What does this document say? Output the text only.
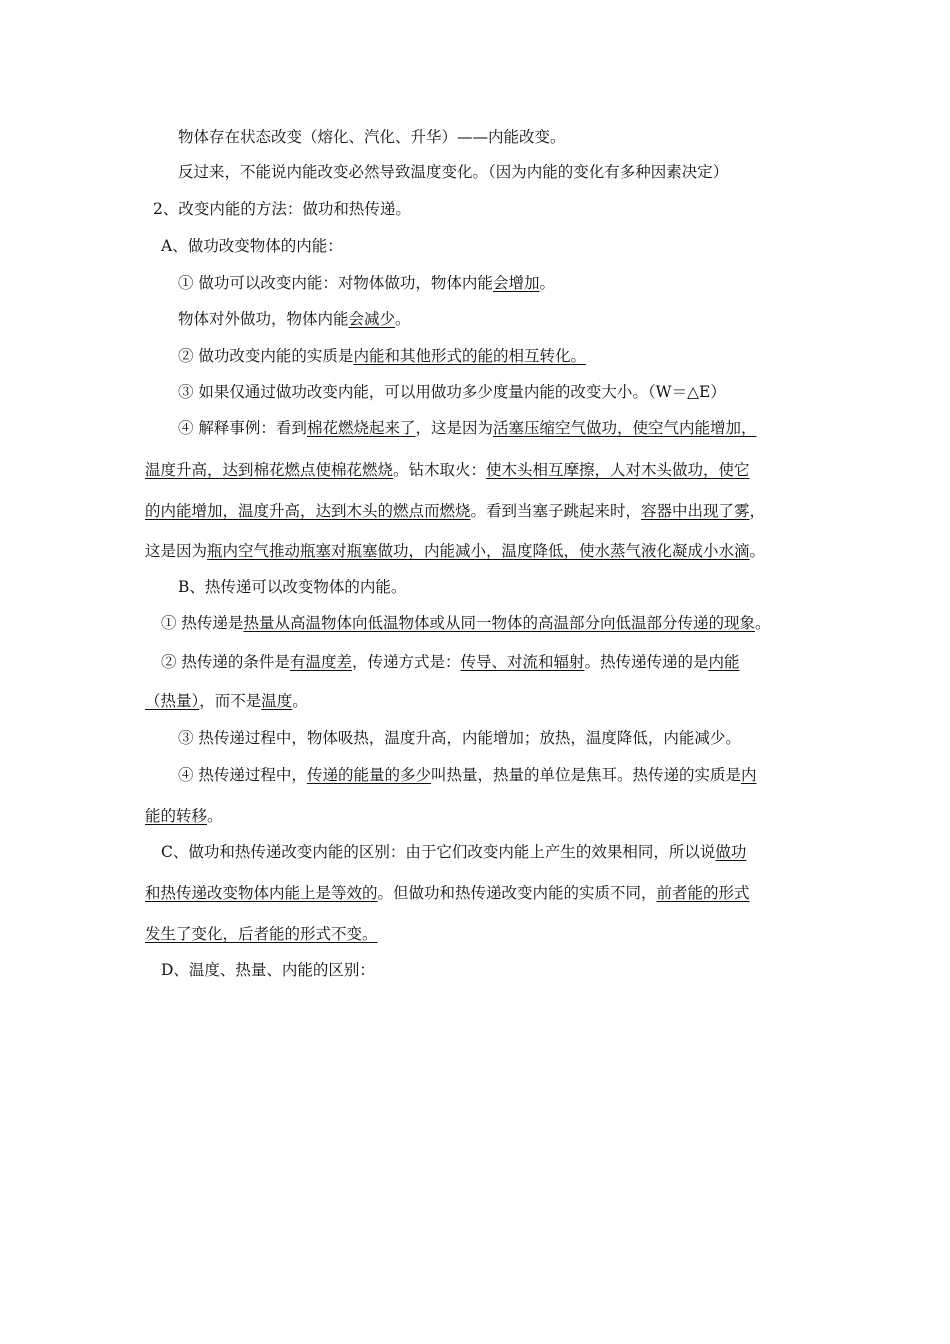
物体存在状态改变（熔化、汽化、升华）——内能改变。
反过来，不能说内能改变必然导致温度变化。（因为内能的变化有多种因素决定）
2、改变内能的方法：做功和热传递。
A、做功改变物体的内能：
① 做功可以改变内能：对物体做功，物体内能会增加。
物体对外做功，物体内能会减少。
② 做功改变内能的实质是内能和其他形式的能的相互转化。
③ 如果仅通过做功改变内能，可以用做功多少度量内能的改变大小。（W＝△E）
④ 解释事例：看到棉花燃烧起来了，这是因为活塞压缩空气做功，使空气内能增加，
温度升高，达到棉花燃点使棉花燃烧。钻木取火：使木头相互摩擦，人对木头做功，使它
的内能增加，温度升高，达到木头的燃点而燃烧。看到当塞子跳起来时，容器中出现了雾，
这是因为瓶内空气推动瓶塞对瓶塞做功，内能减小，温度降低，使水蒸气液化凝成小水滴。
B、热传递可以改变物体的内能。
① 热传递是热量从高温物体向低温物体或从同一物体的高温部分向低温部分传递的现象。
② 热传递的条件是有温度差，传递方式是：传导、对流和辐射。热传递传递的是内能
（热量），而不是温度。
③ 热传递过程中，物体吸热，温度升高，内能增加；放热，温度降低，内能减少。
④ 热传递过程中，传递的能量的多少叫热量，热量的单位是焦耳。热传递的实质是内
能的转移。
C、做功和热传递改变内能的区别：由于它们改变内能上产生的效果相同，所以说做功
和热传递改变物体内能上是等效的。但做功和热传递改变内能的实质不同，前者能的形式
发生了变化，后者能的形式不变。
D、温度、热量、内能的区别：
